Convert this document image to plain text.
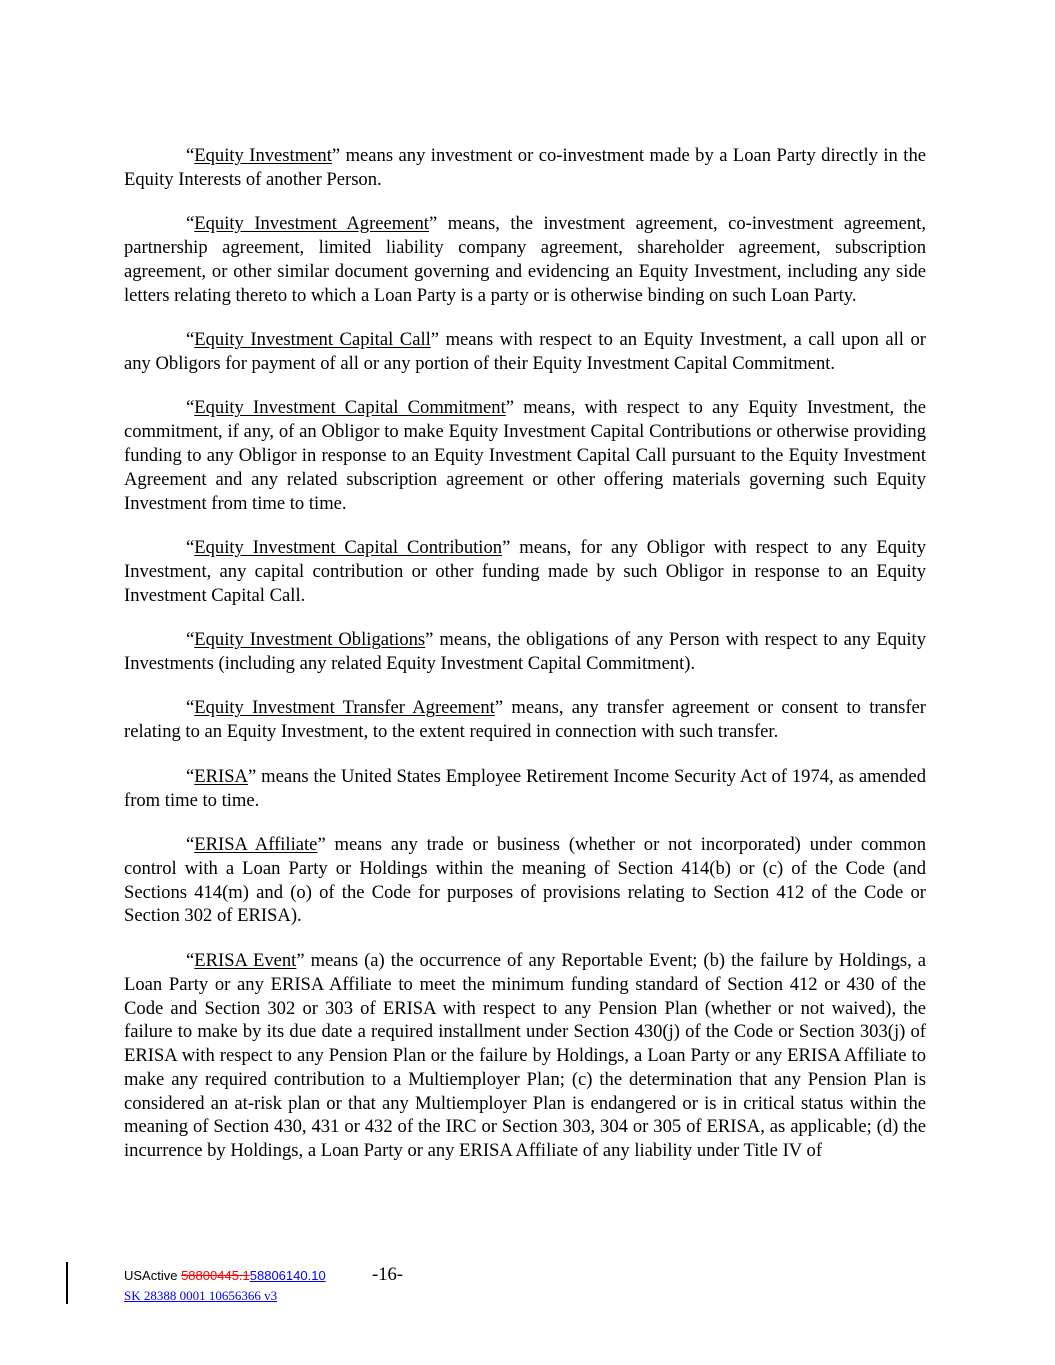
“Equity Investment” means any investment or co-investment made by a Loan Party directly in the Equity Interests of another Person.

“Equity Investment Agreement” means, the investment agreement, co-investment agreement, partnership agreement, limited liability company agreement, shareholder agreement, subscription agreement, or other similar document governing and evidencing an Equity Investment, including any side letters relating thereto to which a Loan Party is a party or is otherwise binding on such Loan Party.

“Equity Investment Capital Call” means with respect to an Equity Investment, a call upon all or any Obligors for payment of all or any portion of their Equity Investment Capital Commitment.

“Equity Investment Capital Commitment” means, with respect to any Equity Investment, the commitment, if any, of an Obligor to make Equity Investment Capital Contributions or otherwise providing funding to any Obligor in response to an Equity Investment Capital Call pursuant to the Equity Investment Agreement and any related subscription agreement or other offering materials governing such Equity Investment from time to time.

“Equity Investment Capital Contribution” means, for any Obligor with respect to any Equity Investment, any capital contribution or other funding made by such Obligor in response to an Equity Investment Capital Call.

“Equity Investment Obligations” means, the obligations of any Person with respect to any Equity Investments (including any related Equity Investment Capital Commitment).

“Equity Investment Transfer Agreement” means, any transfer agreement or consent to transfer relating to an Equity Investment, to the extent required in connection with such transfer.

“ERISA” means the United States Employee Retirement Income Security Act of 1974, as amended from time to time.

“ERISA Affiliate” means any trade or business (whether or not incorporated) under common control with a Loan Party or Holdings within the meaning of Section 414(b) or (c) of the Code (and Sections 414(m) and (o) of the Code for purposes of provisions relating to Section 412 of the Code or Section 302 of ERISA).

“ERISA Event” means (a) the occurrence of any Reportable Event; (b) the failure by Holdings, a Loan Party or any ERISA Affiliate to meet the minimum funding standard of Section 412 or 430 of the Code and Section 302 or 303 of ERISA with respect to any Pension Plan (whether or not waived), the failure to make by its due date a required installment under Section 430(j) of the Code or Section 303(j) of ERISA with respect to any Pension Plan or the failure by Holdings, a Loan Party or any ERISA Affiliate to make any required contribution to a Multiemployer Plan; (c) the determination that any Pension Plan is considered an at-risk plan or that any Multiemployer Plan is endangered or is in critical status within the meaning of Section 430, 431 or 432 of the IRC or Section 303, 304 or 305 of ERISA, as applicable; (d) the incurrence by Holdings, a Loan Party or any ERISA Affiliate of any liability under Title IV of

USActive 58800445.158806140.10 -16-
SK 28388 0001 10656366 v3
